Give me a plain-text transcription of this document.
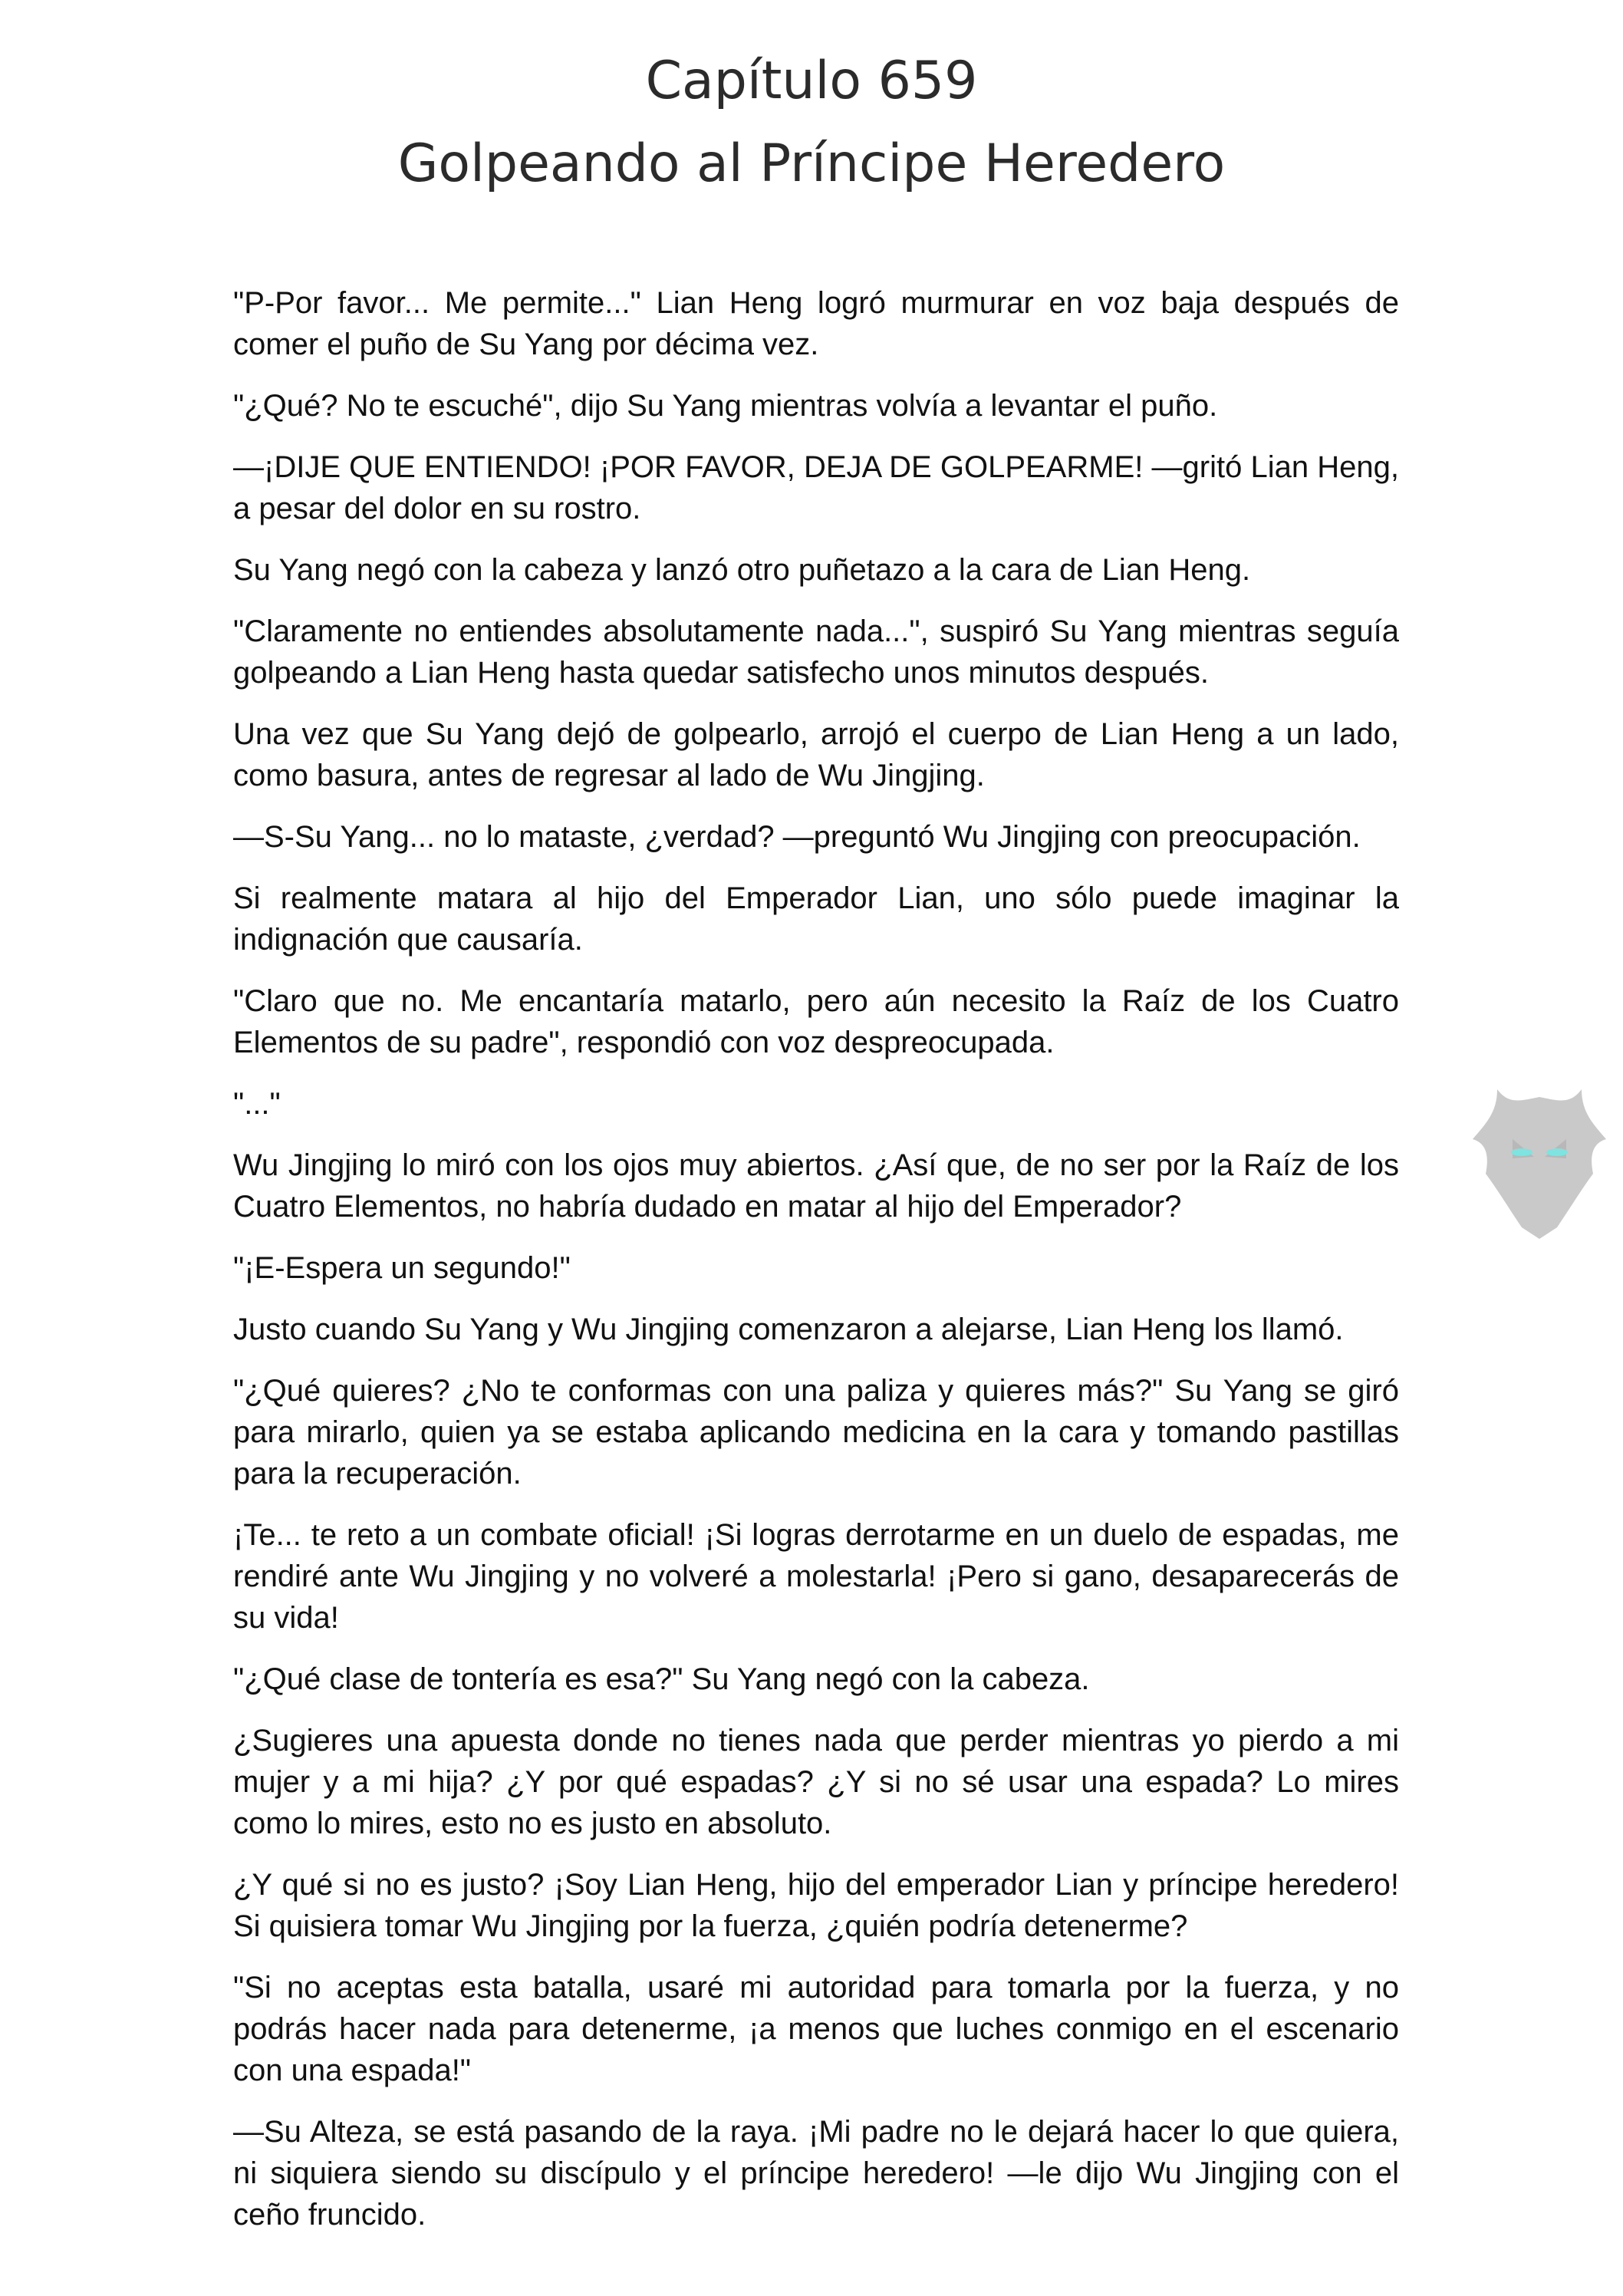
Capítulo 659
Golpeando al Príncipe Heredero

"P-Por favor... Me permite..." Lian Heng logró murmurar en voz baja después de comer el puño de Su Yang por décima vez.

"¿Qué? No te escuché", dijo Su Yang mientras volvía a levantar el puño.

—¡DIJE QUE ENTIENDO! ¡POR FAVOR, DEJA DE GOLPEARME! —gritó Lian Heng, a pesar del dolor en su rostro.

Su Yang negó con la cabeza y lanzó otro puñetazo a la cara de Lian Heng.

"Claramente no entiendes absolutamente nada...", suspiró Su Yang mientras seguía golpeando a Lian Heng hasta quedar satisfecho unos minutos después.

Una vez que Su Yang dejó de golpearlo, arrojó el cuerpo de Lian Heng a un lado, como basura, antes de regresar al lado de Wu Jingjing.

—S-Su Yang... no lo mataste, ¿verdad? —preguntó Wu Jingjing con preocupación.

Si realmente matara al hijo del Emperador Lian, uno sólo puede imaginar la indignación que causaría.

"Claro que no. Me encantaría matarlo, pero aún necesito la Raíz de los Cuatro Elementos de su padre", respondió con voz despreocupada.

"..."

Wu Jingjing lo miró con los ojos muy abiertos. ¿Así que, de no ser por la Raíz de los Cuatro Elementos, no habría dudado en matar al hijo del Emperador?

"¡E-Espera un segundo!"

Justo cuando Su Yang y Wu Jingjing comenzaron a alejarse, Lian Heng los llamó.

"¿Qué quieres? ¿No te conformas con una paliza y quieres más?" Su Yang se giró para mirarlo, quien ya se estaba aplicando medicina en la cara y tomando pastillas para la recuperación.

¡Te... te reto a un combate oficial! ¡Si logras derrotarme en un duelo de espadas, me rendiré ante Wu Jingjing y no volveré a molestarla! ¡Pero si gano, desaparecerás de su vida!

"¿Qué clase de tontería es esa?" Su Yang negó con la cabeza.

¿Sugieres una apuesta donde no tienes nada que perder mientras yo pierdo a mi mujer y a mi hija? ¿Y por qué espadas? ¿Y si no sé usar una espada? Lo mires como lo mires, esto no es justo en absoluto.

¿Y qué si no es justo? ¡Soy Lian Heng, hijo del emperador Lian y príncipe heredero! Si quisiera tomar Wu Jingjing por la fuerza, ¿quién podría detenerme?

"Si no aceptas esta batalla, usaré mi autoridad para tomarla por la fuerza, y no podrás hacer nada para detenerme, ¡a menos que luches conmigo en el escenario con una espada!"

—Su Alteza, se está pasando de la raya. ¡Mi padre no le dejará hacer lo que quiera, ni siquiera siendo su discípulo y el príncipe heredero! —le dijo Wu Jingjing con el ceño fruncido.
